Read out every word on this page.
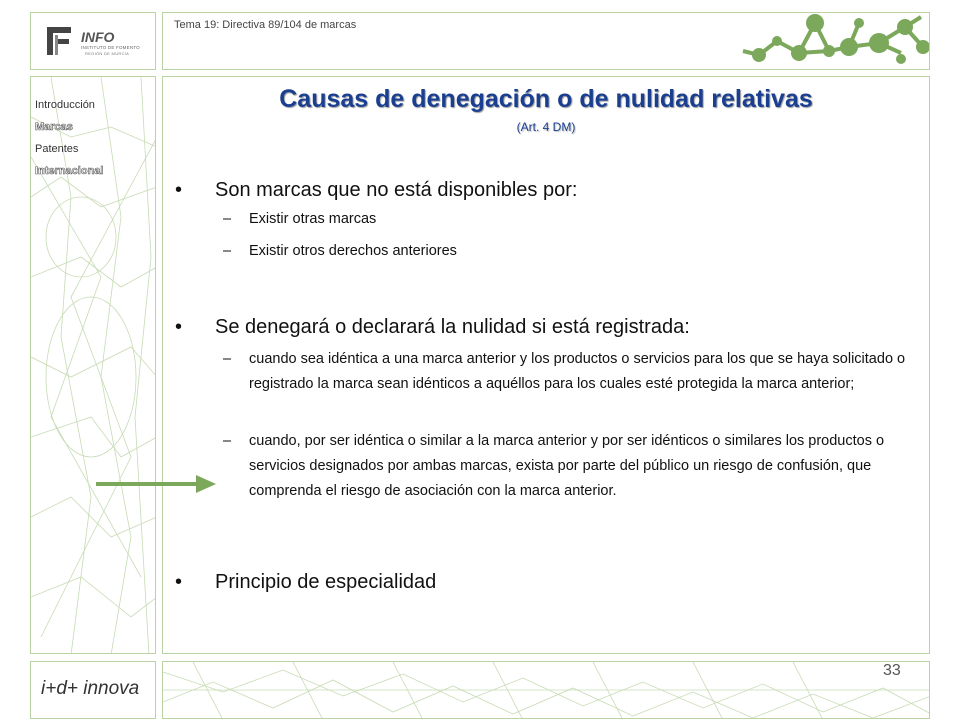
INFO
INSTITUTO DE FOMENTO
REGIÓN DE MURCIA
Tema 19: Directiva 89/104 de marcas
Introducción
Marcas
Patentes
Internacional
Causas de denegación o de nulidad relativas
(Art. 4 DM)
• Son marcas que no está disponibles por:
– Existir otras marcas
– Existir otros derechos anteriores
• Se denegará o declarará la nulidad si está registrada:
– cuando sea idéntica a una marca anterior y los productos o servicios para los que se haya solicitado o registrado la marca sean idénticos a aquéllos para los cuales esté protegida la marca anterior;
– cuando, por ser idéntica o similar a la marca anterior y por ser idénticos o similares los productos o servicios designados por ambas marcas, exista por parte del público un riesgo de confusión, que comprenda el riesgo de asociación con la marca anterior.
• Principio de especialidad
i+d+ innova
33
